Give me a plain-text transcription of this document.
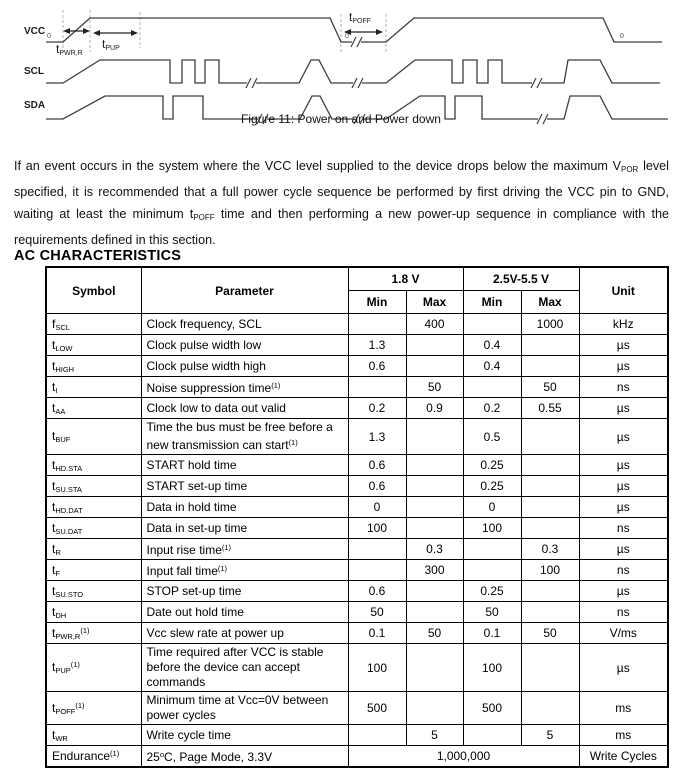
VCC
SCL
SDA
$t_{PWR,R}$
$t_{PUP}$
$t_{POFF}$
0	0	0
Figure 11: Power on and Power down

If an event occurs in the system where the VCC level supplied to the device drops below the maximum $V_{POR}$ level specified, it is recommended that a full power cycle sequence be performed by first driving the VCC pin to GND, waiting at least the minimum $t_{POFF}$ time and then performing a new power-up sequence in compliance with the requirements defined in this section.

AC CHARACTERISTICS
Symbol	Parameter	1.8 V		2.5V-5.5 V		Unit
		Min	Max	Min	Max	
$f_{SCL}$	Clock frequency, SCL		400		1000	kHz
$t_{LOW}$	Clock pulse width low	1.3		0.4		µs
$t_{HIGH}$	Clock pulse width high	0.6		0.4		µs
$t_I$	Noise suppression time$^{(1)}$		50		50	ns
$t_{AA}$	Clock low to data out valid	0.2	0.9	0.2	0.55	µs
$t_{BUF}$	Time the bus must be free before a new transmission can start$^{(1)}$	1.3		0.5		µs
$t_{HD.STA}$	START hold time	0.6		0.25		µs
$t_{SU.STA}$	START set-up time	0.6		0.25		µs
$t_{HD.DAT}$	Data in hold time	0		0		µs
$t_{SU.DAT}$	Data in set-up time	100		100		ns
$t_R$	Input rise time$^{(1)}$		0.3		0.3	µs
$t_F$	Input fall time$^{(1)}$		300		100	ns
$t_{SU.STO}$	STOP set-up time	0.6		0.25		µs
$t_{DH}$	Date out hold time	50		50		ns
$t_{PWR,R}^{(1)}$	Vcc slew rate at power up	0.1	50	0.1	50	V/ms
$t_{PUP}^{(1)}$	Time required after VCC is stable before the device can accept commands	100		100		µs
$t_{POFF}^{(1)}$	Minimum time at Vcc=0V between power cycles	500		500		ms
$t_{WR}$	Write cycle time		5		5	ms
Endurance$^{(1)}$	25$^o$C, Page Mode, 3.3V	1,000,000				Write Cycles
